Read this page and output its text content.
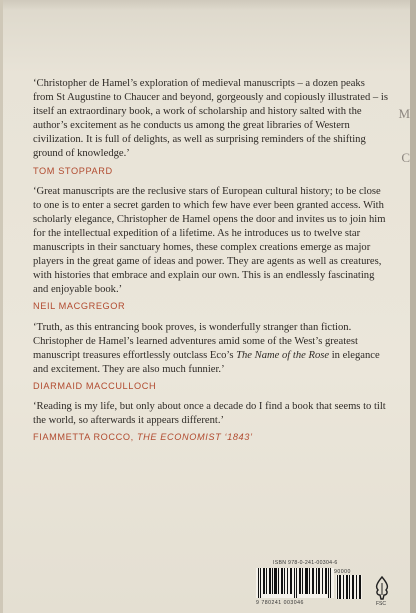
M
C

‘Christopher de Hamel’s exploration of medieval manuscripts – a dozen peaks from St Augustine to Chaucer and beyond, gorgeously and copiously illustrated – is itself an extraordinary book, a work of scholarship and history salted with the author’s excitement as he conducts us among the great libraries of Western civilization. It is full of delights, as well as surprising reminders of the shifting ground of knowledge.’

TOM STOPPARD

‘Great manuscripts are the reclusive stars of European cultural history; to be close to one is to enter a secret garden to which few have ever been granted access. With scholarly elegance, Christopher de Hamel opens the door and invites us to join him for the intellectual expedition of a lifetime. As he introduces us to twelve star manuscripts in their sanctuary homes, these complex creations emerge as major players in the great game of ideas and power. They are agents as well as creatures, with histories that embrace and explain our own. This is an endlessly fascinating and enjoyable book.’

NEIL MACGREGOR

‘Truth, as this entrancing book proves, is wonderfully stranger than fiction. Christopher de Hamel’s learned adventures amid some of the West’s greatest manuscript treasures effortlessly outclass Eco’s The Name of the Rose in elegance and excitement. They are also much funnier.’

DIARMAID MACCULLOCH

‘Reading is my life, but only about once a decade do I find a book that seems to tilt the world, so afterwards it appears different.’

FIAMMETTA ROCCO, THE ECONOMIST ‘1843’

ISBN 978-0-241-00304-6
90000
9 780241 003046	FSC
